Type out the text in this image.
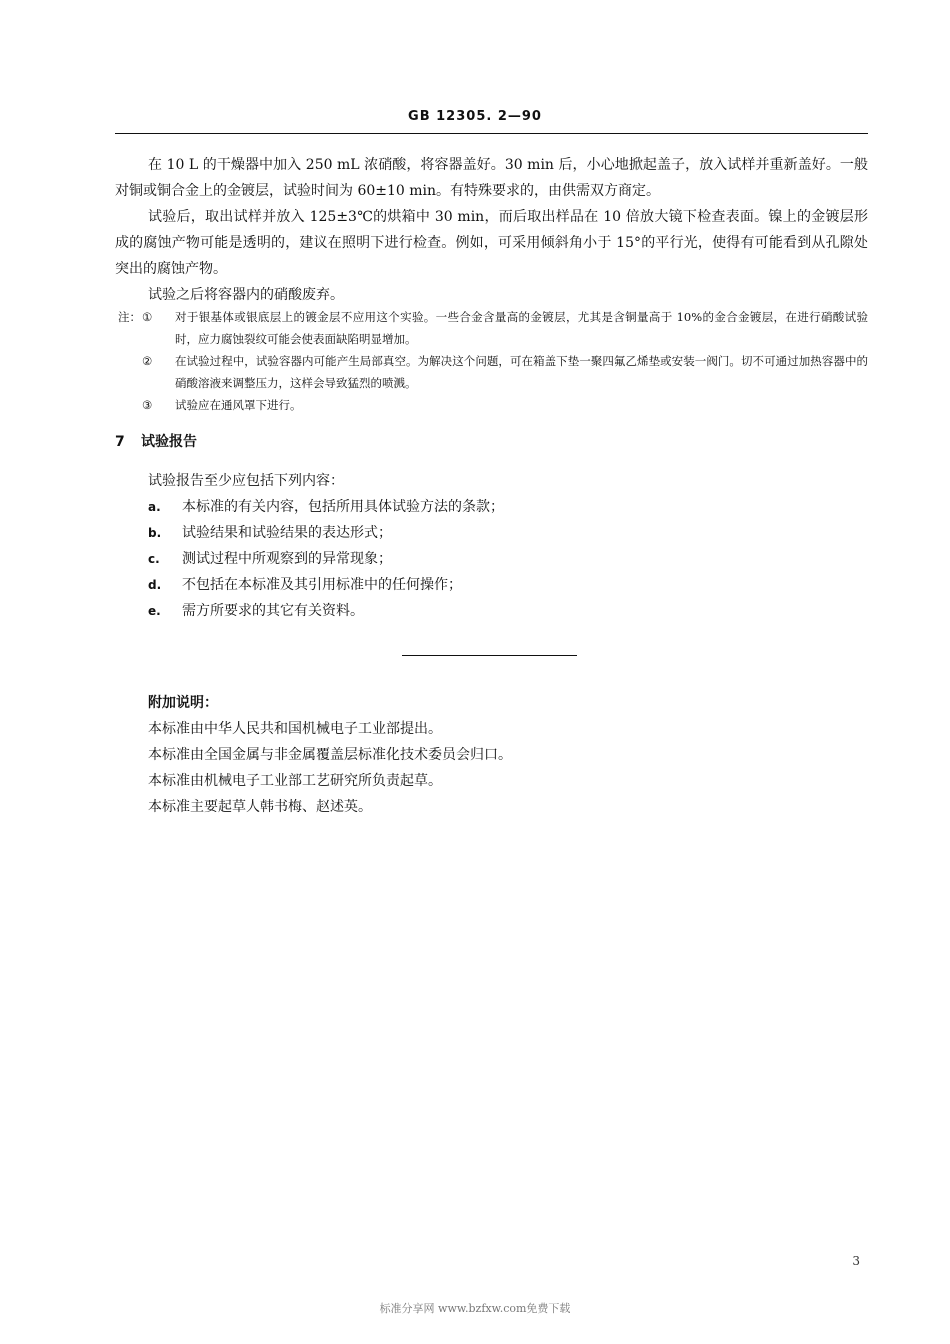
GB 12305. 2—90

在 10 L 的干燥器中加入 250 mL 浓硝酸，将容器盖好。30 min 后，小心地掀起盖子，放入试样并重新盖好。一般对铜或铜合金上的金镀层，试验时间为 60±10 min。有特殊要求的，由供需双方商定。

试验后，取出试样并放入 125±3℃的烘箱中 30 min，而后取出样品在 10 倍放大镜下检查表面。镍上的金镀层形成的腐蚀产物可能是透明的，建议在照明下进行检查。例如，可采用倾斜角小于 15°的平行光，使得有可能看到从孔隙处突出的腐蚀产物。

试验之后将容器内的硝酸废弃。

注： ① 对于银基体或银底层上的镀金层不应用这个实验。一些合金含量高的金镀层，尤其是含铜量高于 10%的金合金镀层，在进行硝酸试验时，应力腐蚀裂纹可能会使表面缺陷明显增加。
② 在试验过程中，试验容器内可能产生局部真空。为解决这个问题，可在箱盖下垫一聚四氟乙烯垫或安装一阀门。切不可通过加热容器中的硝酸溶液来调整压力，这样会导致猛烈的喷溅。
③ 试验应在通风罩下进行。
7 试验报告
试验报告至少应包括下列内容：
a.	本标准的有关内容，包括所用具体试验方法的条款；
b.	试验结果和试验结果的表达形式；
c.	测试过程中所观察到的异常现象；
d.	不包括在本标准及其引用标准中的任何操作；
e.	需方所要求的其它有关资料。
附加说明：
本标准由中华人民共和国机械电子工业部提出。
本标准由全国金属与非金属覆盖层标准化技术委员会归口。
本标准由机械电子工业部工艺研究所负责起草。
本标准主要起草人韩书梅、赵述英。
3
标准分享网 www.bzfxw.com免费下载
